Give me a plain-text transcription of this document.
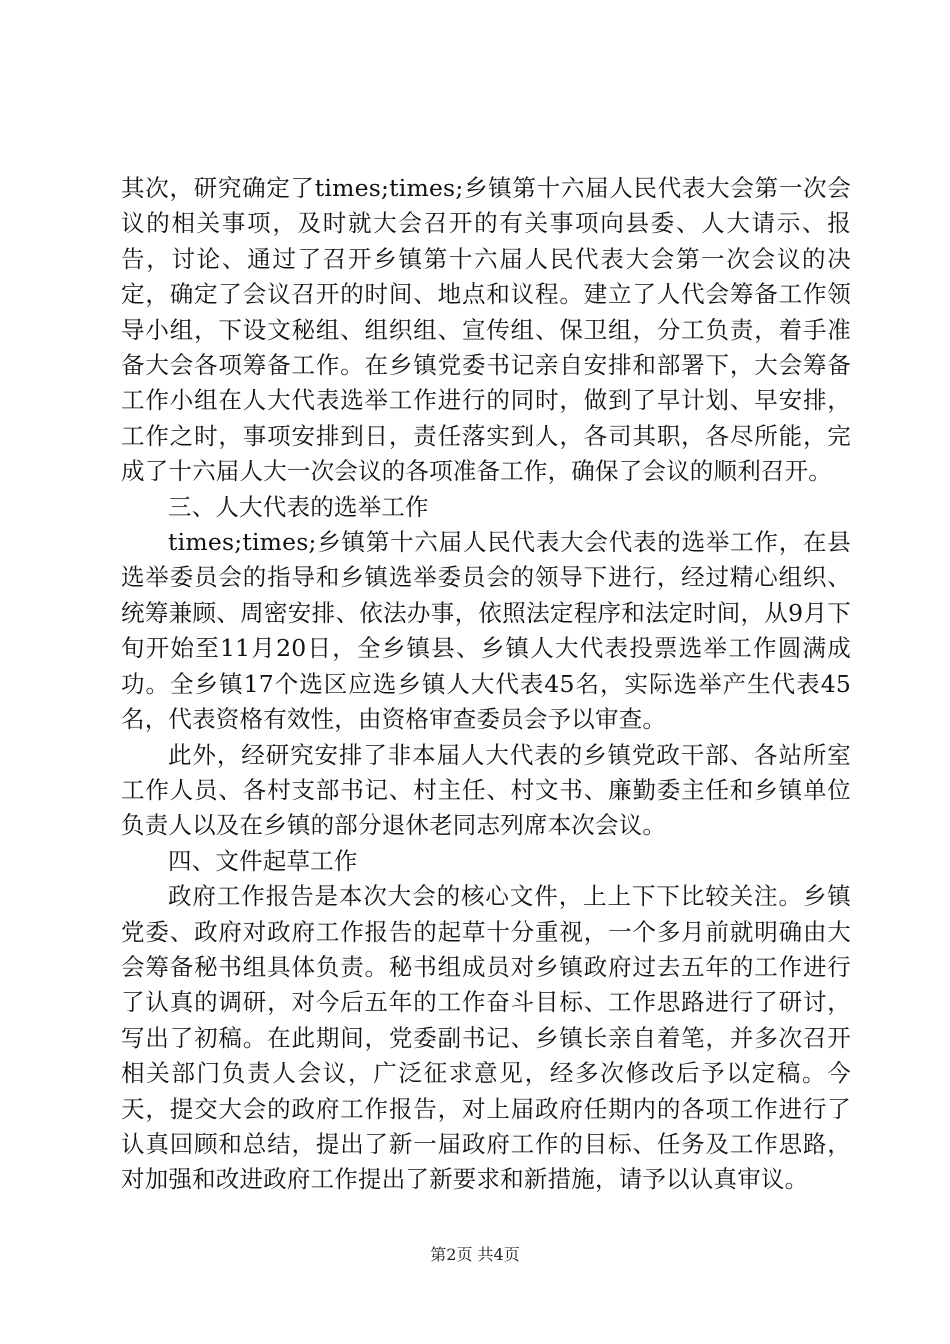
其次，研究确定了times;times;乡镇第十六届人民代表大会第一次会议的相关事项，及时就大会召开的有关事项向县委、人大请示、报告，讨论、通过了召开乡镇第十六届人民代表大会第一次会议的决定，确定了会议召开的时间、地点和议程。建立了人代会筹备工作领导小组，下设文秘组、组织组、宣传组、保卫组，分工负责，着手准备大会各项筹备工作。在乡镇党委书记亲自安排和部署下，大会筹备工作小组在人大代表选举工作进行的同时，做到了早计划、早安排，工作之时，事项安排到日，责任落实到人，各司其职，各尽所能，完成了十六届人大一次会议的各项准备工作，确保了会议的顺利召开。

三、人大代表的选举工作

times;times;乡镇第十六届人民代表大会代表的选举工作，在县选举委员会的指导和乡镇选举委员会的领导下进行，经过精心组织、统筹兼顾、周密安排、依法办事，依照法定程序和法定时间，从9月下旬开始至11月20日，全乡镇县、乡镇人大代表投票选举工作圆满成功。全乡镇17个选区应选乡镇人大代表45名，实际选举产生代表45名，代表资格有效性，由资格审查委员会予以审查。

此外，经研究安排了非本届人大代表的乡镇党政干部、各站所室工作人员、各村支部书记、村主任、村文书、廉勤委主任和乡镇单位负责人以及在乡镇的部分退休老同志列席本次会议。

四、文件起草工作

政府工作报告是本次大会的核心文件，上上下下比较关注。乡镇党委、政府对政府工作报告的起草十分重视，一个多月前就明确由大会筹备秘书组具体负责。秘书组成员对乡镇政府过去五年的工作进行了认真的调研，对今后五年的工作奋斗目标、工作思路进行了研讨，写出了初稿。在此期间，党委副书记、乡镇长亲自着笔，并多次召开相关部门负责人会议，广泛征求意见，经多次修改后予以定稿。今天，提交大会的政府工作报告，对上届政府任期内的各项工作进行了认真回顾和总结，提出了新一届政府工作的目标、任务及工作思路，对加强和改进政府工作提出了新要求和新措施，请予以认真审议。

第2页 共4页
